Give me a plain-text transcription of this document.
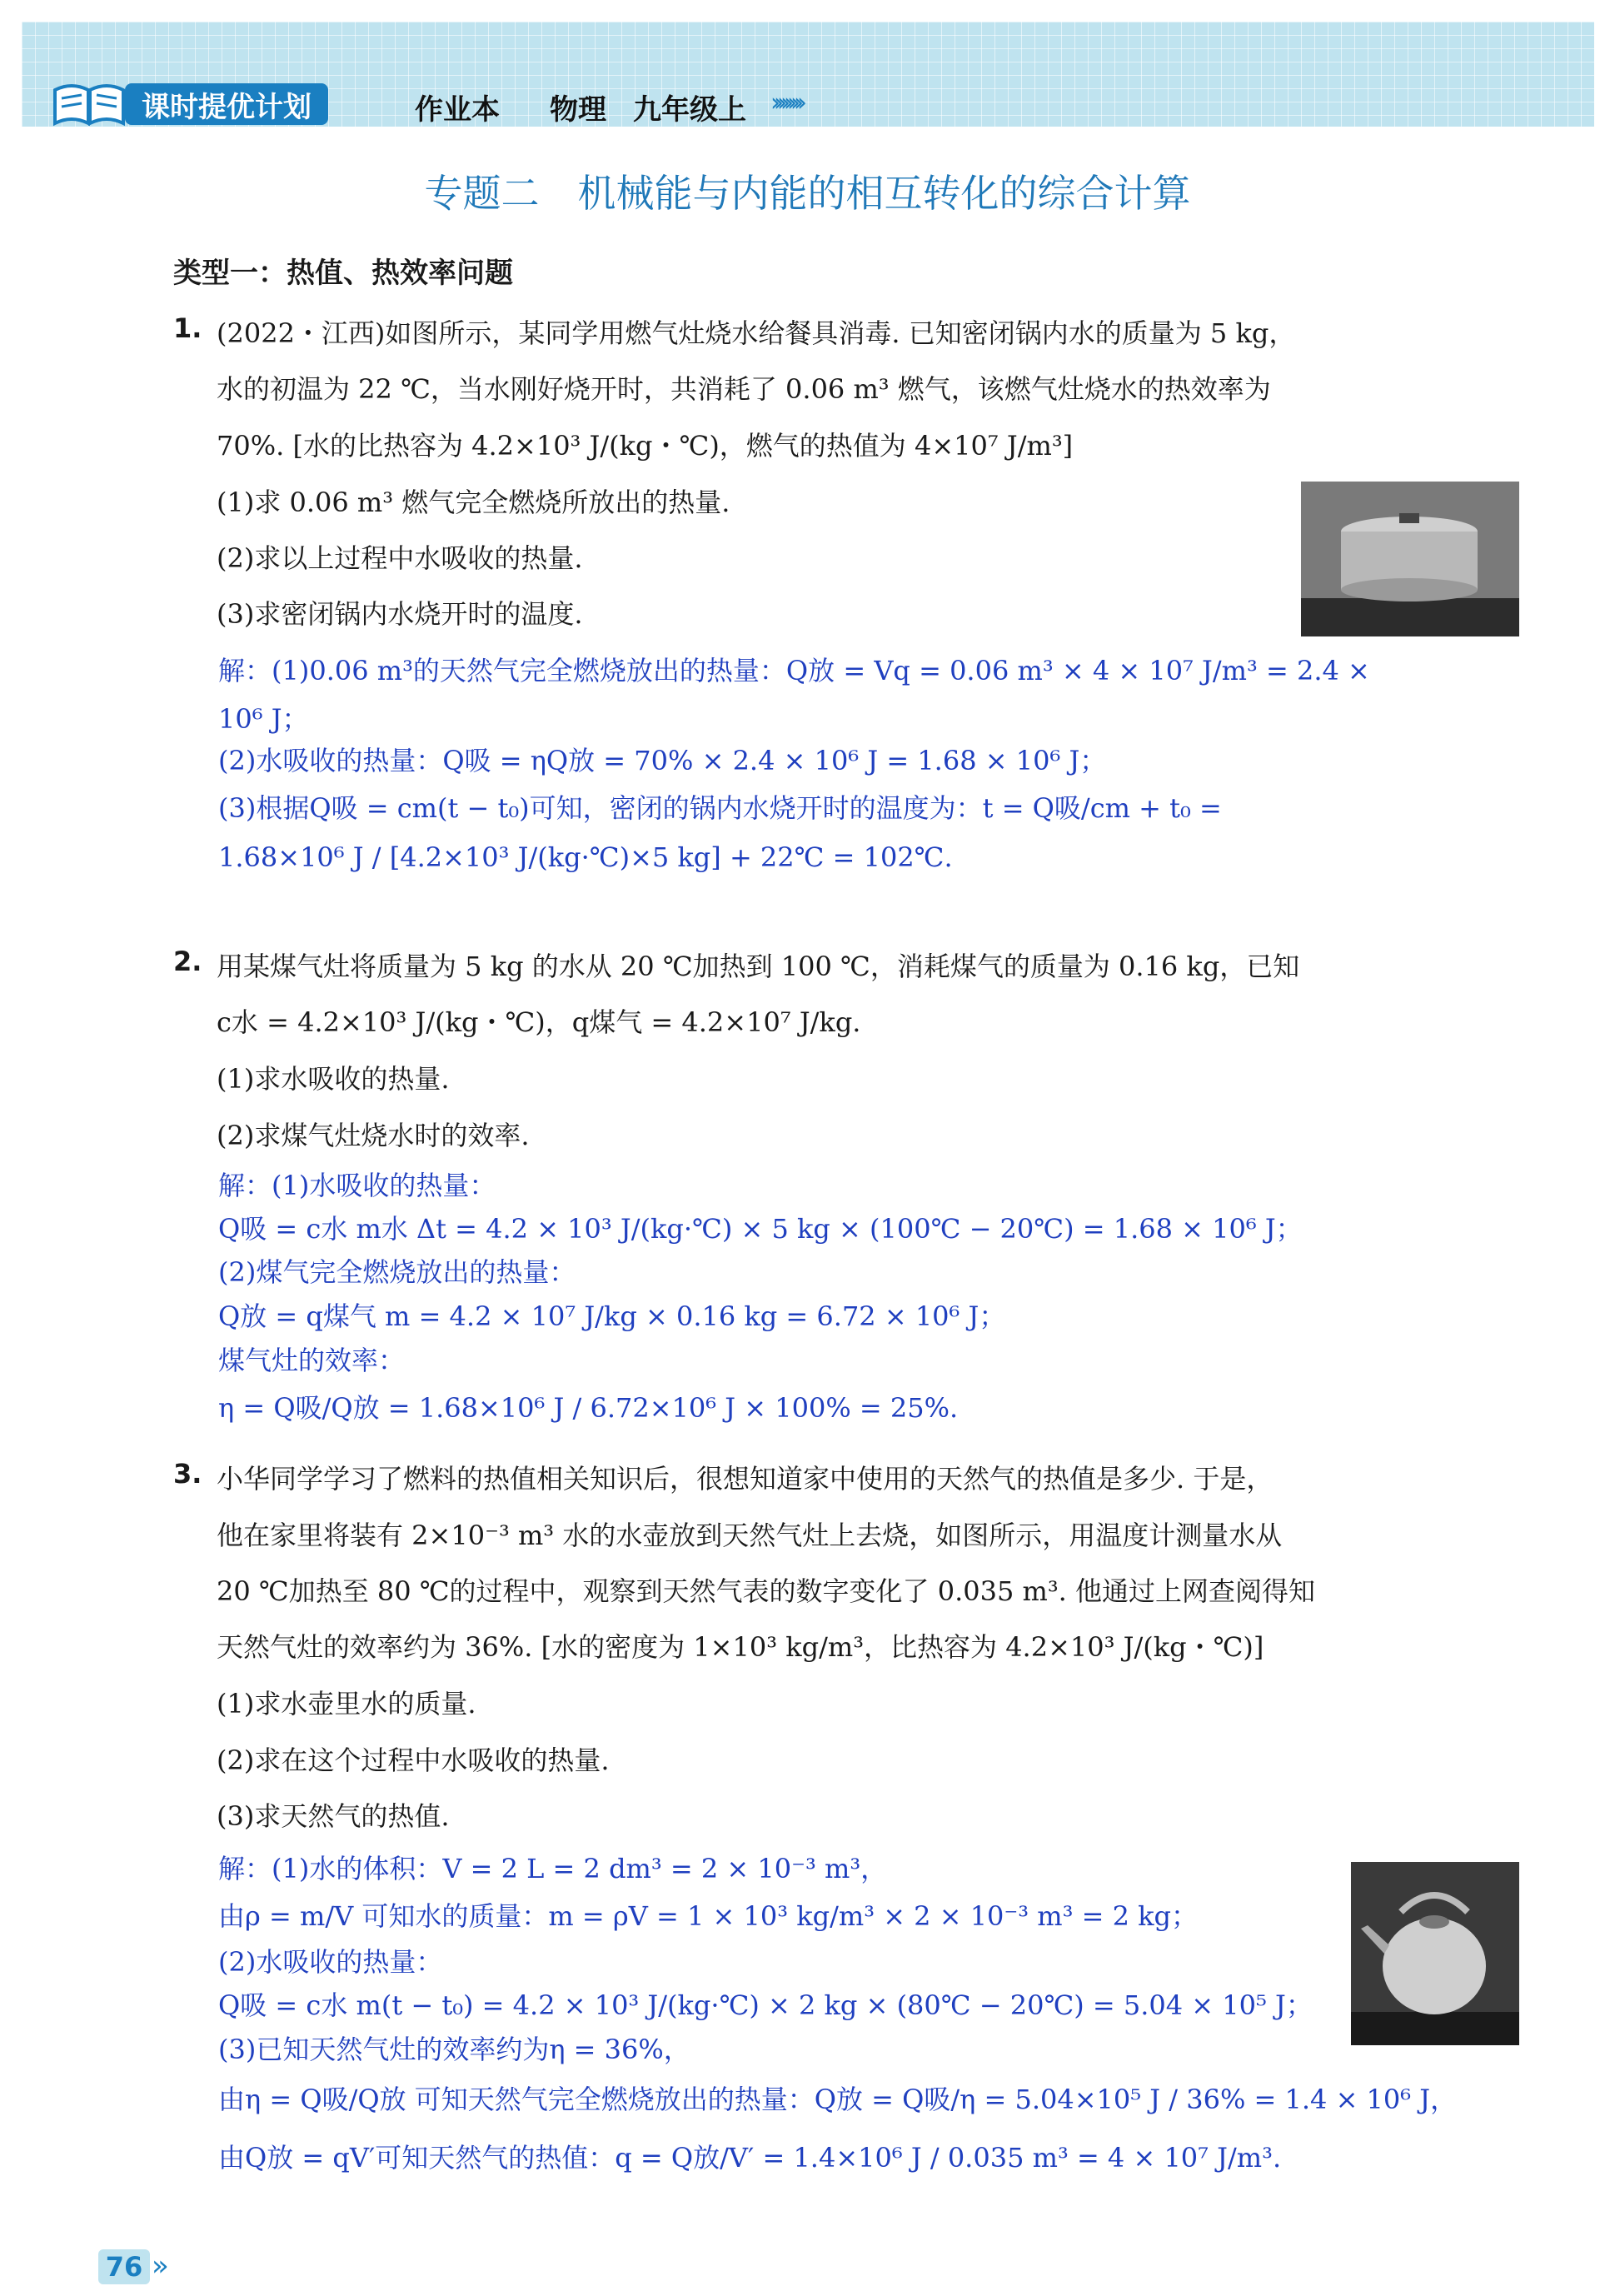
课时提优计划	作业本 物理 九年级上 ›››››››››
专题二　机械能与内能的相互转化的综合计算
类型一：热值、热效率问题
1. (2022・江西)如图所示，某同学用燃气灶烧水给餐具消毒. 已知密闭锅内水的质量为 5 kg，
水的初温为 22 ℃，当水刚好烧开时，共消耗了 0.06 m³ 燃气，该燃气灶烧水的热效率为
70%. [水的比热容为 4.2×10³ J/(kg・℃)，燃气的热值为 4×10⁷ J/m³]
(1)求 0.06 m³ 燃气完全燃烧所放出的热量.
(2)求以上过程中水吸收的热量.
(3)求密闭锅内水烧开时的温度.
解：(1)0.06 m³的天然气完全燃烧放出的热量：Q放 = Vq = 0.06 m³ × 4 × 10⁷ J/m³ = 2.4 ×
10⁶ J；
(2)水吸收的热量：Q吸 = ηQ放 = 70% × 2.4 × 10⁶ J = 1.68 × 10⁶ J；
(3)根据Q吸 = cm(t − t₀)可知，密闭的锅内水烧开时的温度为：t = Q吸/cm + t₀ =
1.68×10⁶ J / [4.2×10³ J/(kg·℃)×5 kg] + 22℃ = 102℃.
2. 用某煤气灶将质量为 5 kg 的水从 20 ℃加热到 100 ℃，消耗煤气的质量为 0.16 kg，已知
c水 = 4.2×10³ J/(kg・℃)，q煤气 = 4.2×10⁷ J/kg.
(1)求水吸收的热量.
(2)求煤气灶烧水时的效率.
解：(1)水吸收的热量：
Q吸 = c水 m水 Δt = 4.2 × 10³ J/(kg·℃) × 5 kg × (100℃ − 20℃) = 1.68 × 10⁶ J；
(2)煤气完全燃烧放出的热量：
Q放 = q煤气 m = 4.2 × 10⁷ J/kg × 0.16 kg = 6.72 × 10⁶ J；
煤气灶的效率：
η = Q吸/Q放 = 1.68×10⁶ J / 6.72×10⁶ J × 100% = 25%.
3. 小华同学学习了燃料的热值相关知识后，很想知道家中使用的天然气的热值是多少. 于是，
他在家里将装有 2×10⁻³ m³ 水的水壶放到天然气灶上去烧，如图所示，用温度计测量水从
20 ℃加热至 80 ℃的过程中，观察到天然气表的数字变化了 0.035 m³. 他通过上网查阅得知
天然气灶的效率约为 36%. [水的密度为 1×10³ kg/m³，比热容为 4.2×10³ J/(kg・℃)]
(1)求水壶里水的质量.
(2)求在这个过程中水吸收的热量.
(3)求天然气的热值.
解：(1)水的体积：V = 2 L = 2 dm³ = 2 × 10⁻³ m³，
由ρ = m/V 可知水的质量：m = ρV = 1 × 10³ kg/m³ × 2 × 10⁻³ m³ = 2 kg；
(2)水吸收的热量：
Q吸 = c水 m(t − t₀) = 4.2 × 10³ J/(kg·℃) × 2 kg × (80℃ − 20℃) = 5.04 × 10⁵ J；
(3)已知天然气灶的效率约为η = 36%，
由η = Q吸/Q放 可知天然气完全燃烧放出的热量：Q放 = Q吸/η = 5.04×10⁵ J / 36% = 1.4 × 10⁶ J，
由Q放 = qV′可知天然气的热值：q = Q放/V′ = 1.4×10⁶ J / 0.035 m³ = 4 × 10⁷ J/m³.
76 »
